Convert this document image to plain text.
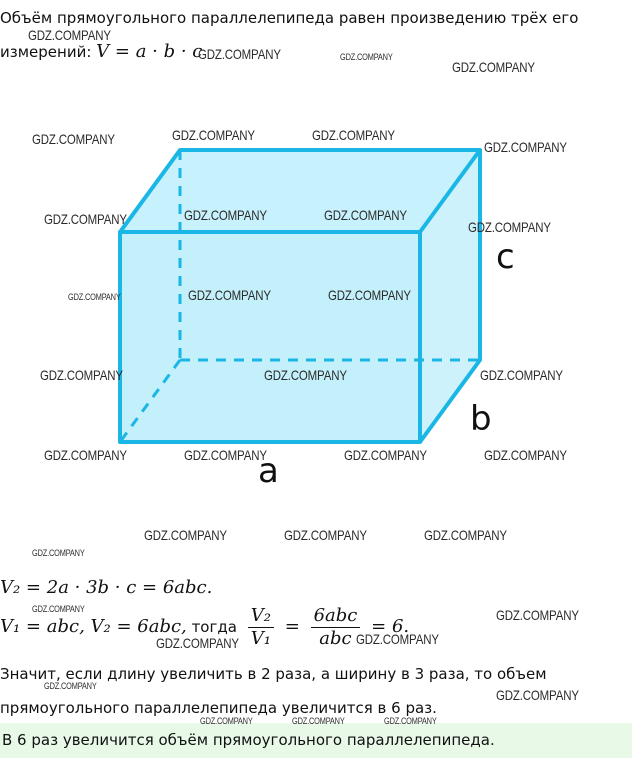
Объём прямоугольного параллелепипеда равен произведению трёх его
измерений: V = a · b · c
c
b
a
V₂ = 2a · 3b · c = 6abc.
V₁ = abc, V₂ = 6abc, тогда $\frac{\text{V₂}}{\text{V₁}} = \frac{\text{6abc}}{\text{abc}} = 6$.
Значит, если длину увеличить в 2 раза, а ширину в 3 раза, то объем
прямоугольного параллелепипеда увеличится в 6 раз.
В 6 раз увеличится объём прямоугольного параллелепипеда.
GDZ.COMPANY
GDZ.COMPANY	GDZ.COMPANY
GDZ.COMPANY
GDZ.COMPANY	GDZ.COMPANY	GDZ.COMPANY
GDZ.COMPANY
GDZ.COMPANY	GDZ.COMPANY	GDZ.COMPANY
GDZ.COMPANY
GDZ.COMPANY	GDZ.COMPANY	GDZ.COMPANY
GDZ.COMPANY	GDZ.COMPANY	GDZ.COMPANY
GDZ.COMPANY	GDZ.COMPANY	GDZ.COMPANY	GDZ.COMPANY
GDZ.COMPANY	GDZ.COMPANY	GDZ.COMPANY
GDZ.COMPANY
GDZ.COMPANY	GDZ.COMPANY
GDZ.COMPANY	GDZ.COMPANY
GDZ.COMPANY
GDZ.COMPANY
GDZ.COMPANY	GDZ.COMPANY	GDZ.COMPANY
